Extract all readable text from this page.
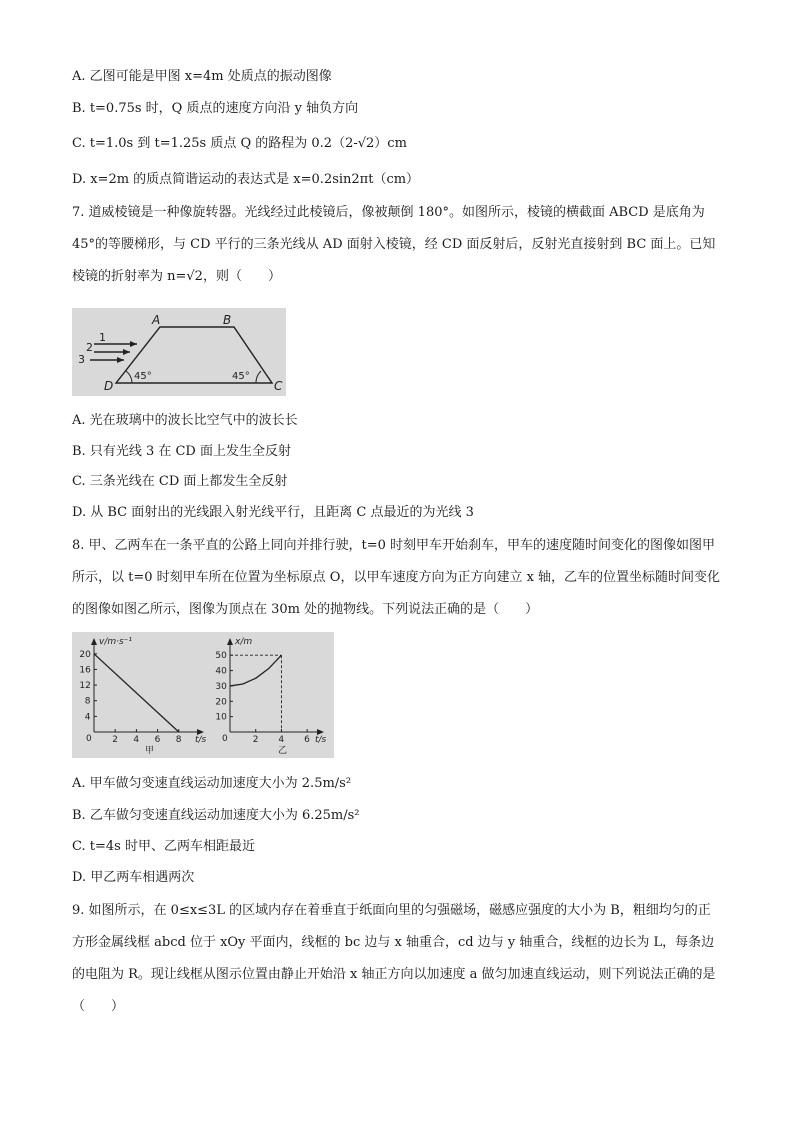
A. 乙图可能是甲图 x=4m 处质点的振动图像
B. t=0.75s 时，Q 质点的速度方向沿 y 轴负方向
C. t=1.0s 到 t=1.25s 质点 Q 的路程为 0.2（2-√2）cm
D. x=2m 的质点简谐运动的表达式是 x=0.2sin2πt（cm）
7. 道威棱镜是一种像旋转器。光线经过此棱镜后，像被颠倒 180°。如图所示，棱镜的横截面 ABCD 是底角为 45°的等腰梯形，与 CD 平行的三条光线从 AD 面射入棱镜，经 CD 面反射后，反射光直接射到 BC 面上。已知棱镜的折射率为 n=√2，则（　　）
A	B
C
D
1
2
3
45°	45°
A. 光在玻璃中的波长比空气中的波长长
B. 只有光线 3 在 CD 面上发生全反射
C. 三条光线在 CD 面上都发生全反射
D. 从 BC 面射出的光线跟入射光线平行，且距离 C 点最近的为光线 3
8. 甲、乙两车在一条平直的公路上同向并排行驶，t=0 时刻甲车开始刹车，甲车的速度随时间变化的图像如图甲所示，以 t=0 时刻甲车所在位置为坐标原点 O，以甲车速度方向为正方向建立 x 轴，乙车的位置坐标随时间变化的图像如图乙所示，图像为顶点在 30m 处的抛物线。下列说法正确的是（　　）
v/m·s⁻¹
t/s
甲
0 2 4 6 8
4
8
12
16
20
x/m
t/s
乙
0	2 4 6
10
20
30
40
50
A. 甲车做匀变速直线运动加速度大小为 2.5m/s²
B. 乙车做匀变速直线运动加速度大小为 6.25m/s²
C. t=4s 时甲、乙两车相距最近
D. 甲乙两车相遇两次
9. 如图所示，在 0≤x≤3L 的区域内存在着垂直于纸面向里的匀强磁场，磁感应强度的大小为 B，粗细均匀的正方形金属线框 abcd 位于 xOy 平面内，线框的 bc 边与 x 轴重合，cd 边与 y 轴重合，线框的边长为 L，每条边的电阻为 R。现让线框从图示位置由静止开始沿 x 轴正方向以加速度 a 做匀加速直线运动，则下列说法正确的是（　　）
